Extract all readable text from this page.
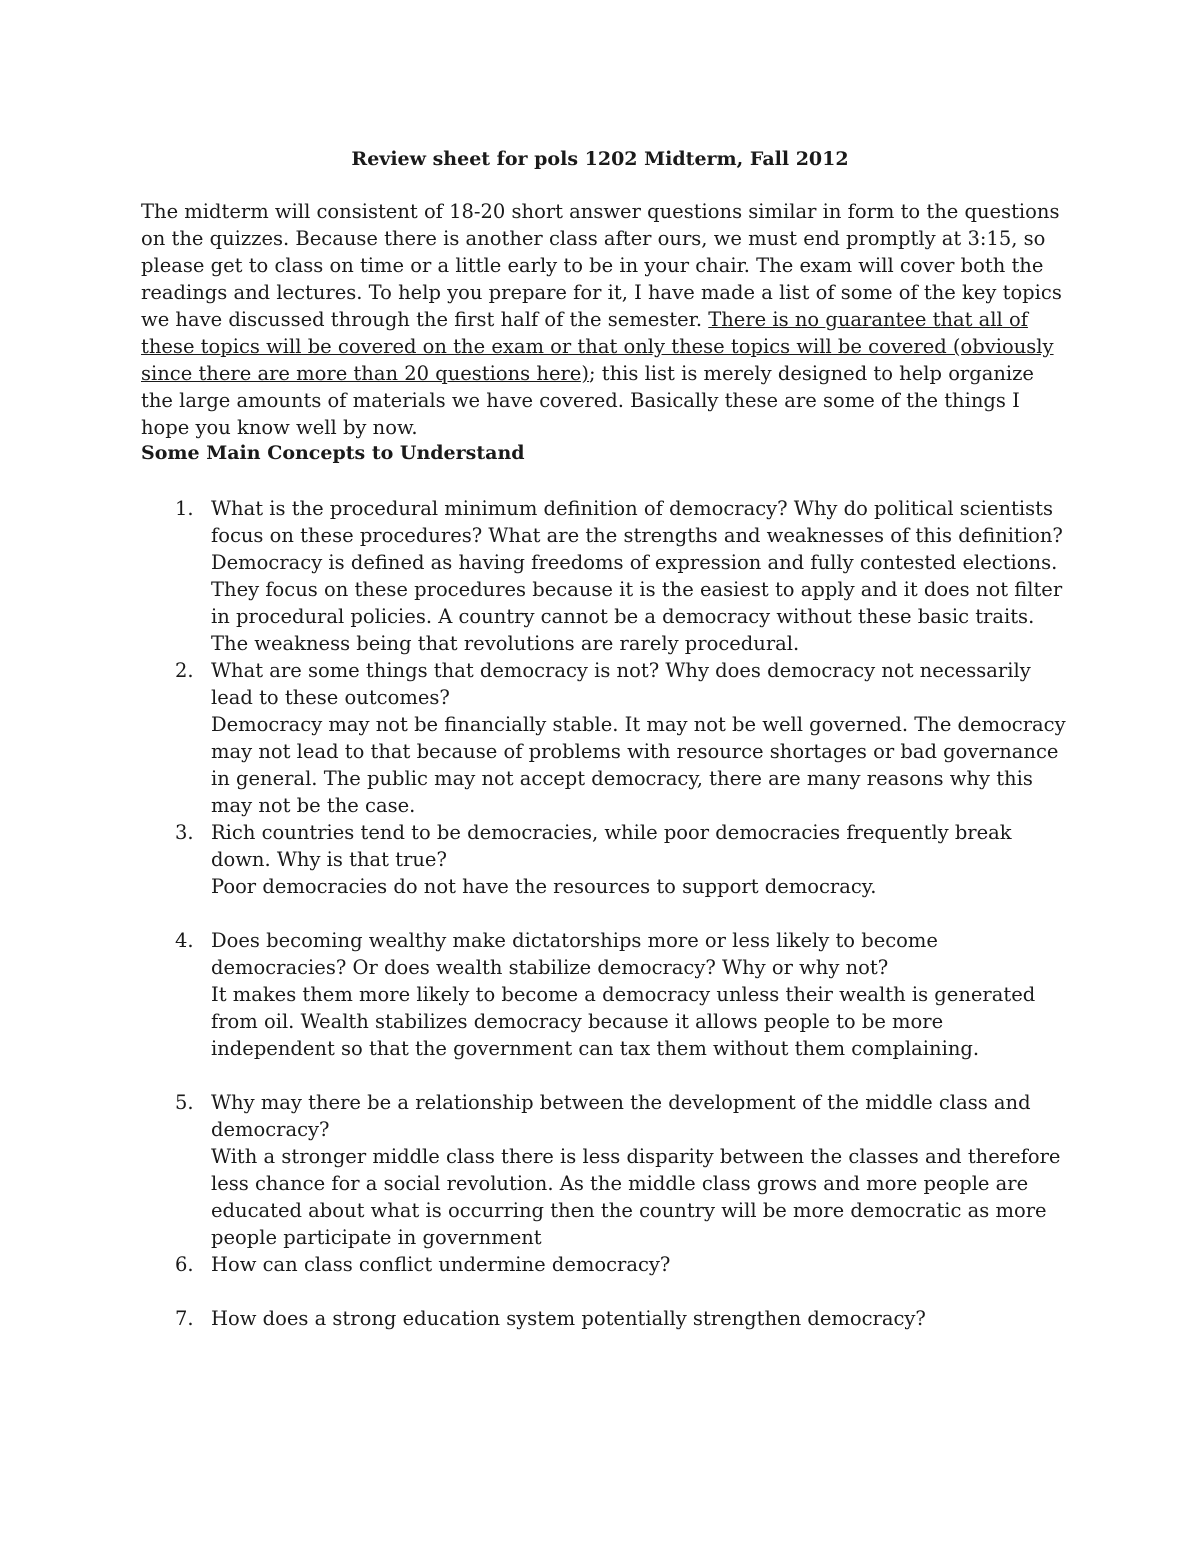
Review sheet for pols 1202 Midterm, Fall 2012

The midterm will consistent of 18-20 short answer questions similar in form to the questions on the quizzes. Because there is another class after ours, we must end promptly at 3:15, so please get to class on time or a little early to be in your chair. The exam will cover both the readings and lectures. To help you prepare for it, I have made a list of some of the key topics we have discussed through the first half of the semester. There is no guarantee that all of these topics will be covered on the exam or that only these topics will be covered (obviously since there are more than 20 questions here); this list is merely designed to help organize the large amounts of materials we have covered. Basically these are some of the things I hope you know well by now.

Some Main Concepts to Understand
1. What is the procedural minimum definition of democracy? Why do political scientists focus on these procedures? What are the strengths and weaknesses of this definition?
Democracy is defined as having freedoms of expression and fully contested elections. They focus on these procedures because it is the easiest to apply and it does not filter in procedural policies. A country cannot be a democracy without these basic traits. The weakness being that revolutions are rarely procedural.
2. What are some things that democracy is not? Why does democracy not necessarily lead to these outcomes?
Democracy may not be financially stable. It may not be well governed. The democracy may not lead to that because of problems with resource shortages or bad governance in general. The public may not accept democracy, there are many reasons why this may not be the case.
3. Rich countries tend to be democracies, while poor democracies frequently break down. Why is that true?
Poor democracies do not have the resources to support democracy.
4. Does becoming wealthy make dictatorships more or less likely to become democracies? Or does wealth stabilize democracy? Why or why not?
It makes them more likely to become a democracy unless their wealth is generated from oil. Wealth stabilizes democracy because it allows people to be more independent so that the government can tax them without them complaining.
5. Why may there be a relationship between the development of the middle class and democracy?
With a stronger middle class there is less disparity between the classes and therefore less chance for a social revolution. As the middle class grows and more people are educated about what is occurring then the country will be more democratic as more people participate in government
6. How can class conflict undermine democracy?
7. How does a strong education system potentially strengthen democracy?
